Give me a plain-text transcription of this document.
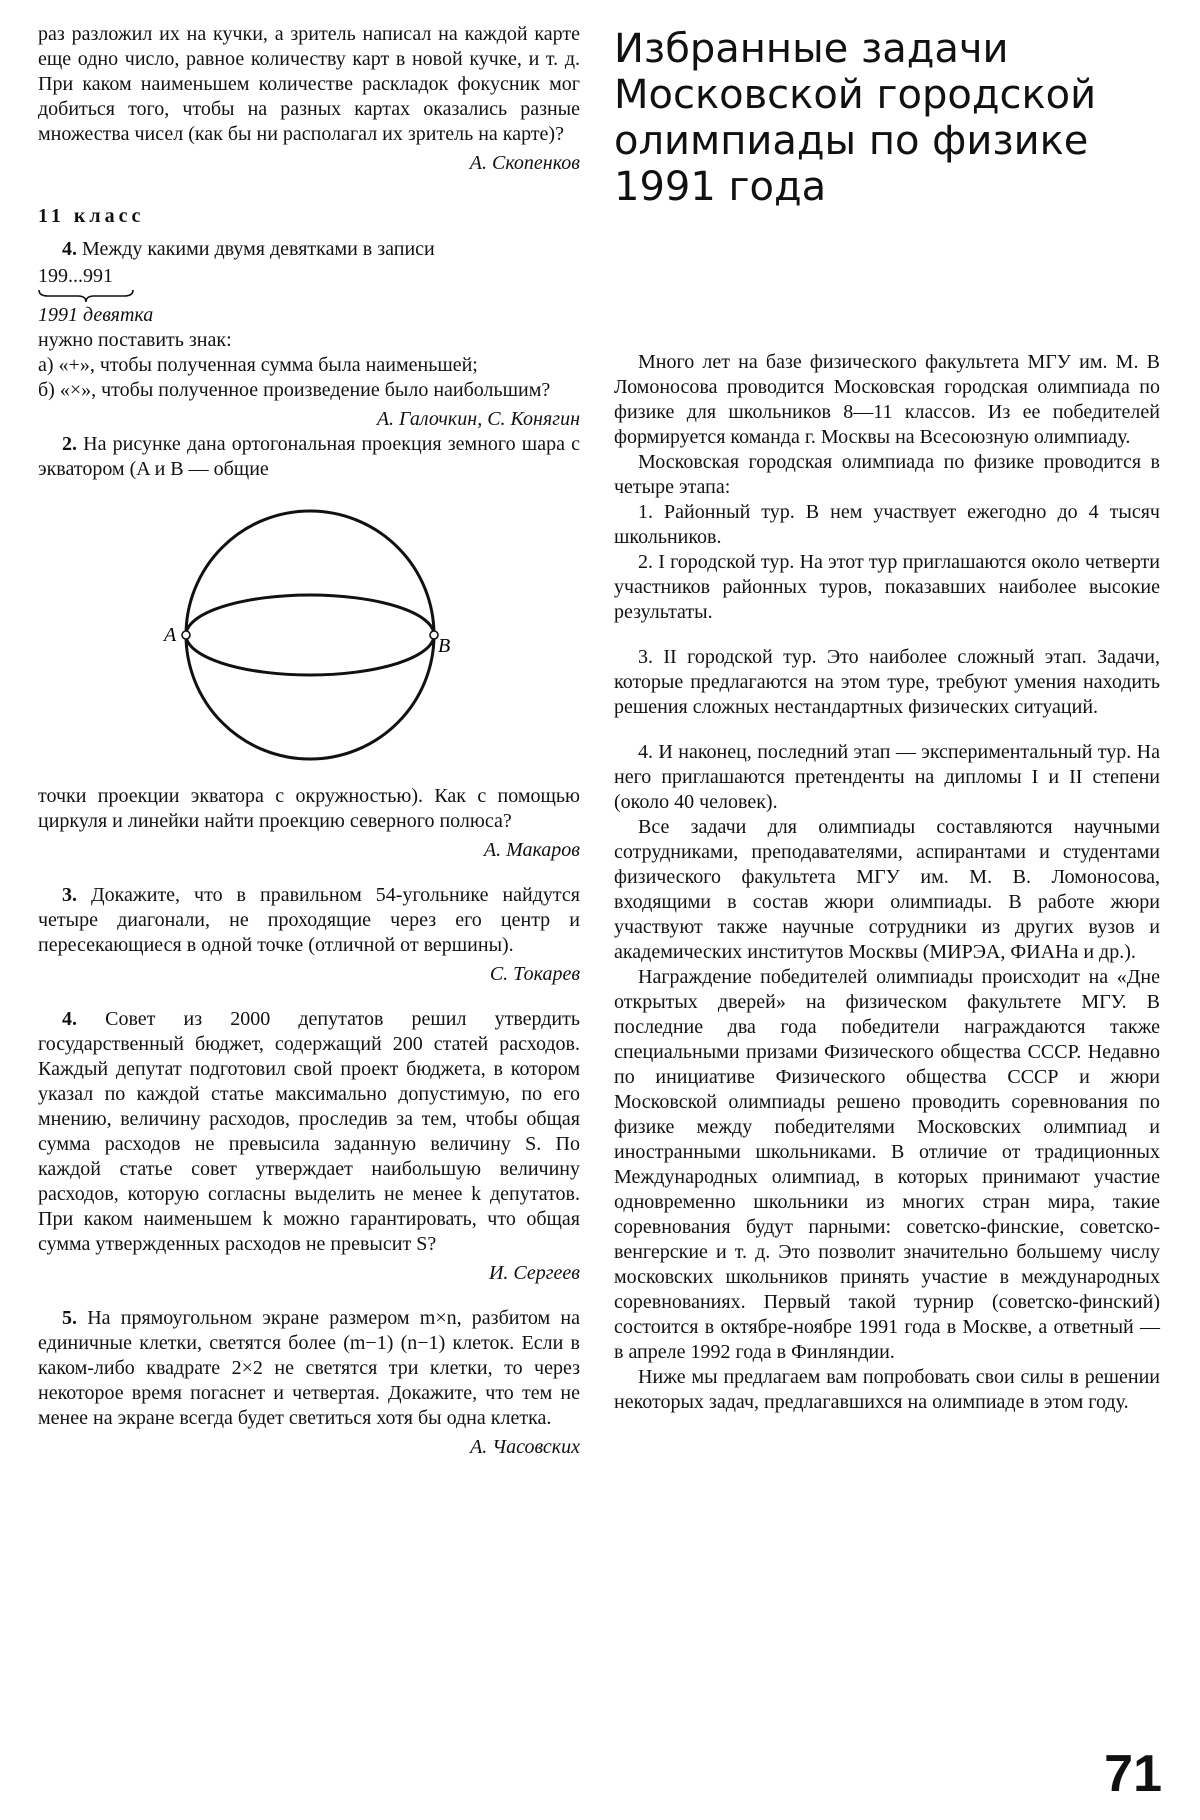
раз разложил их на кучки, а зритель написал на каждой карте еще одно число, равное количеству карт в новой кучке, и т. д. При каком наименьшем количестве раскладок фокусник мог добиться того, чтобы на разных картах оказались разные множества чисел (как бы ни располагал их зритель на карте)?

А. Скопенков

11 класс

4. Между какими двумя девятками в записи

199...991

1991 девятка

нужно поставить знак:

а) «+», чтобы полученная сумма была наименьшей;

б) «×», чтобы полученное произведение было наибольшим?

А. Галочкин, С. Конягин

2. На рисунке дана ортогональная проекция земного шара с экватором (A и B — общие

A	B

точки проекции экватора с окружностью). Как с помощью циркуля и линейки найти проекцию северного полюса?

А. Макаров

3. Докажите, что в правильном 54-угольнике найдутся четыре диагонали, не проходящие через его центр и пересекающиеся в одной точке (отличной от вершины).

С. Токарев

4. Совет из 2000 депутатов решил утвердить государственный бюджет, содержащий 200 статей расходов. Каждый депутат подготовил свой проект бюджета, в котором указал по каждой статье максимально допустимую, по его мнению, величину расходов, проследив за тем, чтобы общая сумма расходов не превысила заданную величину S. По каждой статье совет утверждает наибольшую величину расходов, которую согласны выделить не менее k депутатов. При каком наименьшем k можно гарантировать, что общая сумма утвержденных расходов не превысит S?

И. Сергеев

5. На прямоугольном экране размером m×n, разбитом на единичные клетки, светятся более (m−1) (n−1) клеток. Если в каком-либо квадрате 2×2 не светятся три клетки, то через некоторое время погаснет и четвертая. Докажите, что тем не менее на экране всегда будет светиться хотя бы одна клетка.

А. Часовских

Избранные задачи Московской городской олимпиады по физике 1991 года

Много лет на базе физического факультета МГУ им. М. В Ломоносова проводится Московская городская олимпиада по физике для школьников 8—11 классов. Из ее победителей формируется команда г. Москвы на Всесоюзную олимпиаду.

Московская городская олимпиада по физике проводится в четыре этапа:

1. Районный тур. В нем участвует ежегодно до 4 тысяч школьников.

2. I городской тур. На этот тур приглашаются около четверти участников районных туров, показавших наиболее высокие результаты.

3. II городской тур. Это наиболее сложный этап. Задачи, которые предлагаются на этом туре, требуют умения находить решения сложных нестандартных физических ситуаций.

4. И наконец, последний этап — экспериментальный тур. На него приглашаются претенденты на дипломы I и II степени (около 40 человек).

Все задачи для олимпиады составляются научными сотрудниками, преподавателями, аспирантами и студентами физического факультета МГУ им. М. В. Ломоносова, входящими в состав жюри олимпиады. В работе жюри участвуют также научные сотрудники из других вузов и академических институтов Москвы (МИРЭА, ФИАНа и др.).

Награждение победителей олимпиады происходит на «Дне открытых дверей» на физическом факультете МГУ. В последние два года победители награждаются также специальными призами Физического общества СССР. Недавно по инициативе Физического общества СССР и жюри Московской олимпиады решено проводить соревнования по физике между победителями Московских олимпиад и иностранными школьниками. В отличие от традиционных Международных олимпиад, в которых принимают участие одновременно школьники из многих стран мира, такие соревнования будут парными: советско-финские, советско-венгерские и т. д. Это позволит значительно большему числу московских школьников принять участие в международных соревнованиях. Первый такой турнир (советско-финский) состоится в октябре-ноябре 1991 года в Москве, а ответный — в апреле 1992 года в Финляндии.

Ниже мы предлагаем вам попробовать свои силы в решении некоторых задач, предлагавшихся на олимпиаде в этом году.

71
